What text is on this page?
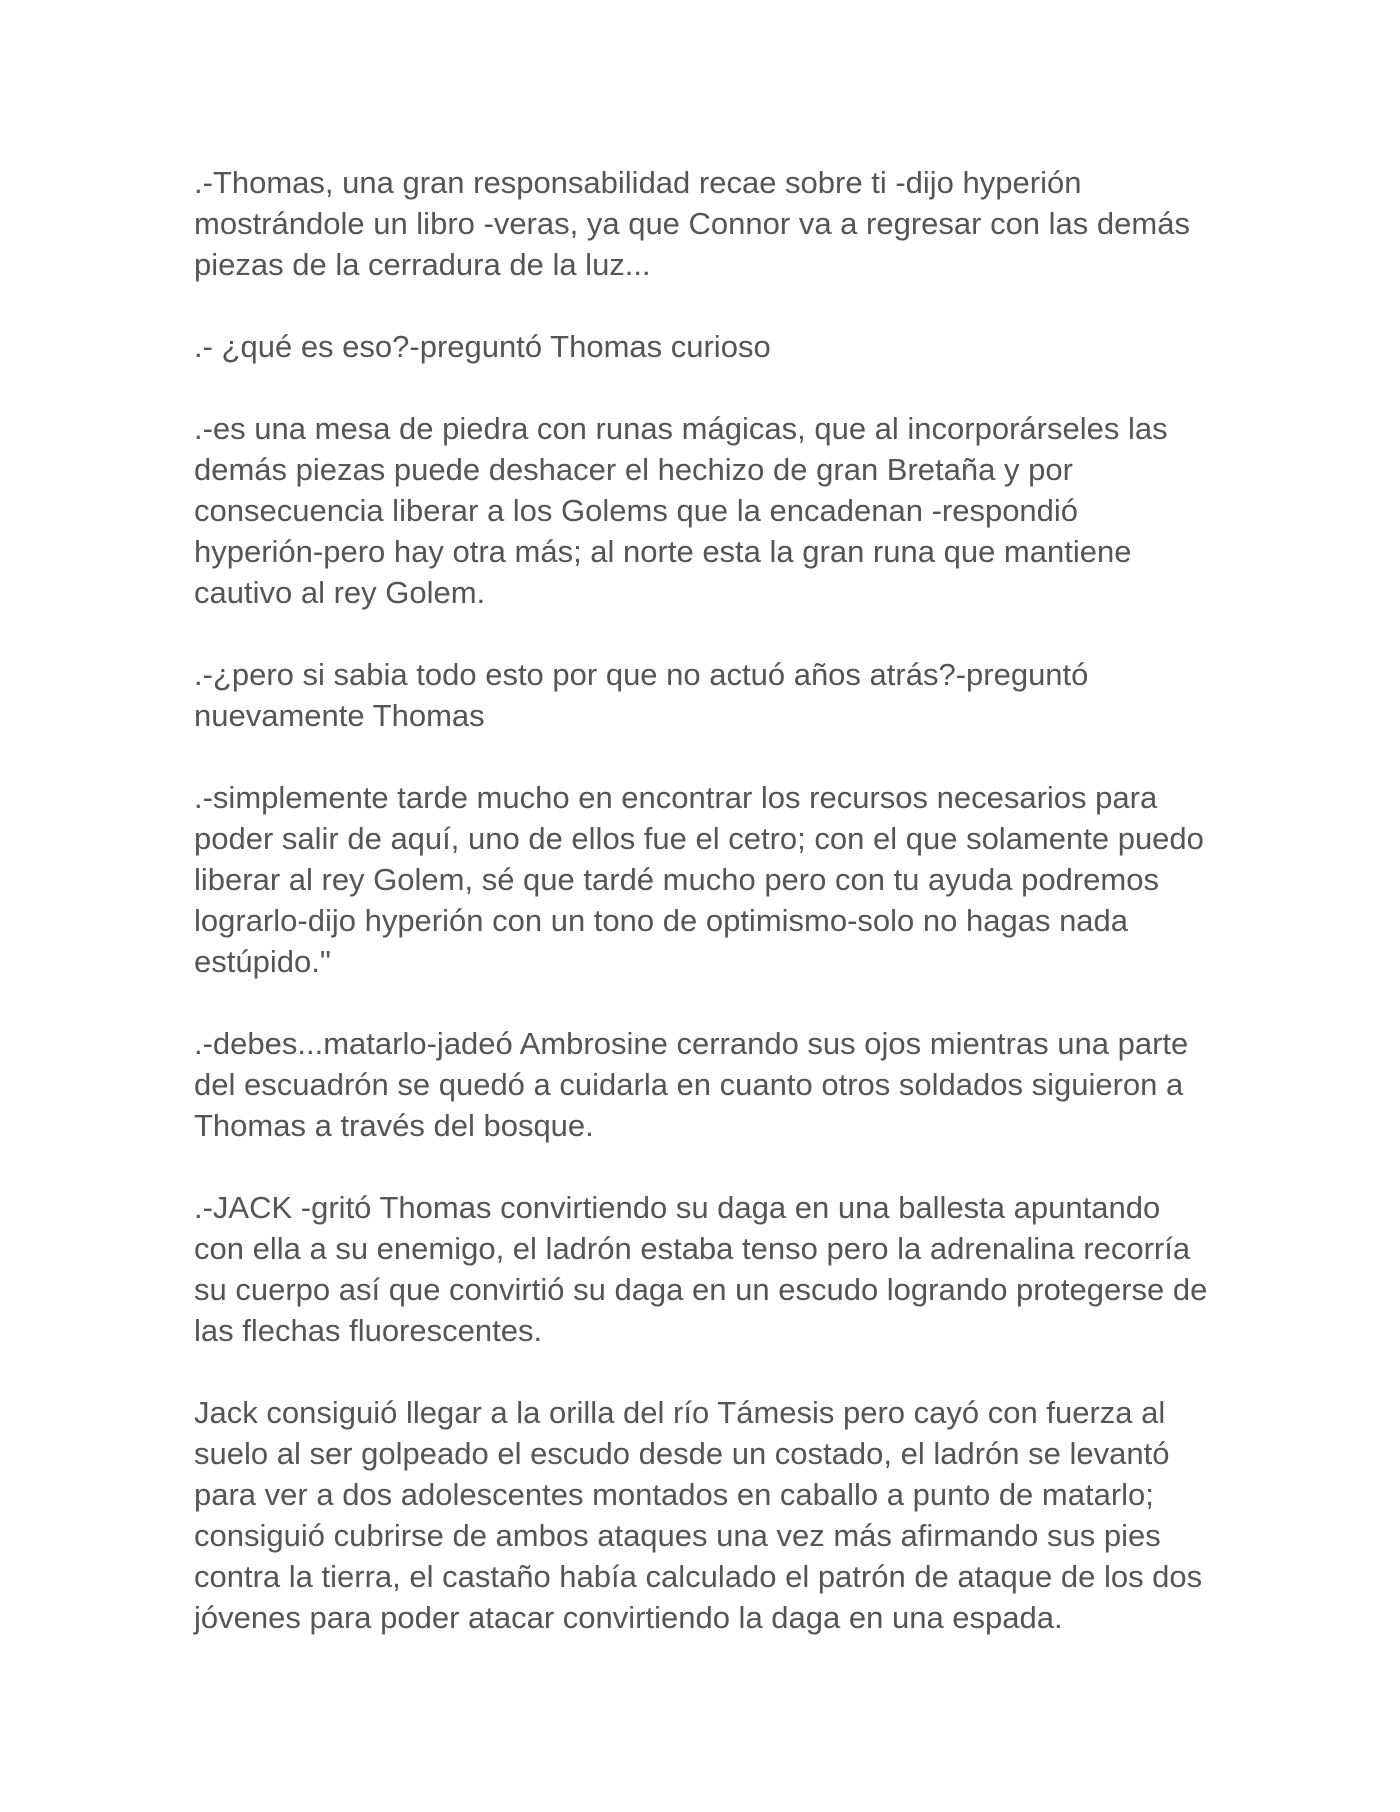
.-Thomas, una gran responsabilidad recae sobre ti -dijo hyperión
mostrándole un libro -veras, ya que Connor va a regresar con las demás
piezas de la cerradura de la luz...

.- ¿qué es eso?-preguntó Thomas curioso

.-es una mesa de piedra con runas mágicas, que al incorporárseles las
demás piezas puede deshacer el hechizo de gran Bretaña y por
consecuencia liberar a los Golems que la encadenan -respondió
hyperión-pero hay otra más; al norte esta la gran runa que mantiene
cautivo al rey Golem.

.-¿pero si sabia todo esto por que no actuó años atrás?-preguntó
nuevamente Thomas

.-simplemente tarde mucho en encontrar los recursos necesarios para
poder salir de aquí, uno de ellos fue el cetro; con el que solamente puedo
liberar al rey Golem, sé que tardé mucho pero con tu ayuda podremos
lograrlo-dijo hyperión con un tono de optimismo-solo no hagas nada
estúpido."

.-debes...matarlo-jadeó Ambrosine cerrando sus ojos mientras una parte
del escuadrón se quedó a cuidarla en cuanto otros soldados siguieron a
Thomas a través del bosque.

.-JACK -gritó Thomas convirtiendo su daga en una ballesta apuntando
con ella a su enemigo, el ladrón estaba tenso pero la adrenalina recorría
su cuerpo así que convirtió su daga en un escudo logrando protegerse de
las flechas fluorescentes.

Jack consiguió llegar a la orilla del río Támesis pero cayó con fuerza al
suelo al ser golpeado el escudo desde un costado, el ladrón se levantó
para ver a dos adolescentes montados en caballo a punto de matarlo;
consiguió cubrirse de ambos ataques una vez más afirmando sus pies
contra la tierra, el castaño había calculado el patrón de ataque de los dos
jóvenes para poder atacar convirtiendo la daga en una espada.
